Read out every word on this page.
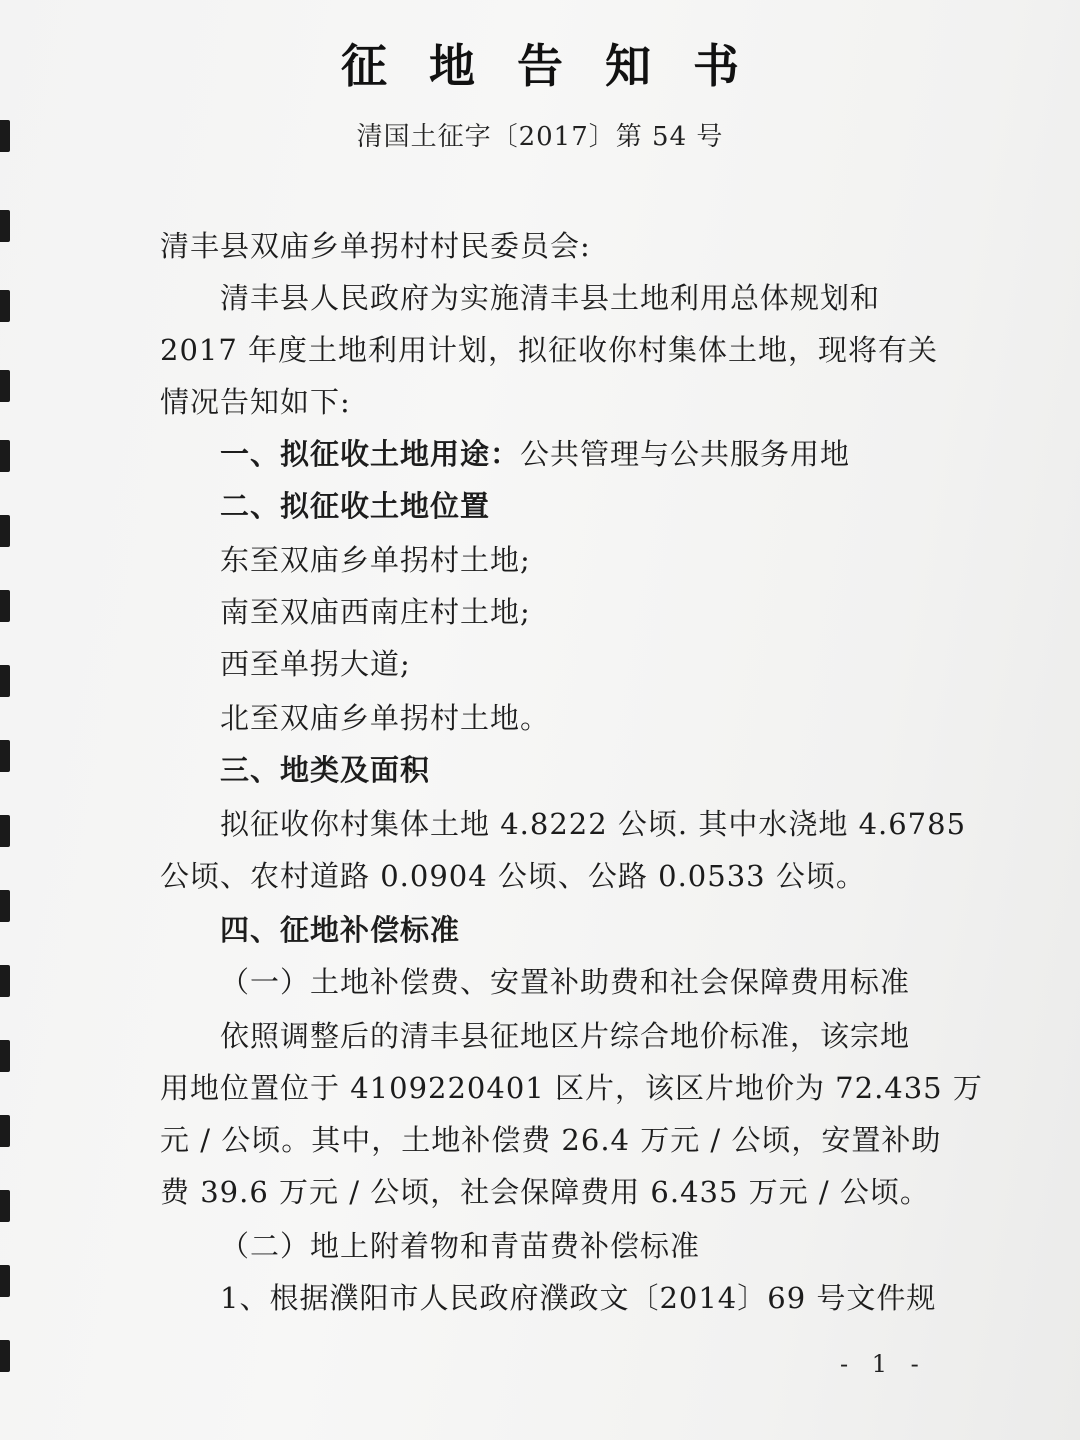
征地告知书
清国土征字〔2017〕第 54 号
清丰县双庙乡单拐村村民委员会:
清丰县人民政府为实施清丰县土地利用总体规划和
2017 年度土地利用计划，拟征收你村集体土地，现将有关
情况告知如下:
一、拟征收土地用途：公共管理与公共服务用地
二、拟征收土地位置
东至双庙乡单拐村土地;
南至双庙西南庄村土地;
西至单拐大道;
北至双庙乡单拐村土地。
三、地类及面积
拟征收你村集体土地 4.8222 公顷. 其中水浇地 4.6785
公顷、农村道路 0.0904 公顷、公路 0.0533 公顷。
四、征地补偿标准
（一）土地补偿费、安置补助费和社会保障费用标准
依照调整后的清丰县征地区片综合地价标准，该宗地
用地位置位于 4109220401 区片，该区片地价为 72.435 万
元 / 公顷。其中，土地补偿费 26.4 万元 / 公顷，安置补助
费 39.6 万元 / 公顷，社会保障费用 6.435 万元 / 公顷。
（二）地上附着物和青苗费补偿标准
1、根据濮阳市人民政府濮政文〔2014〕69 号文件规
- 1 -
